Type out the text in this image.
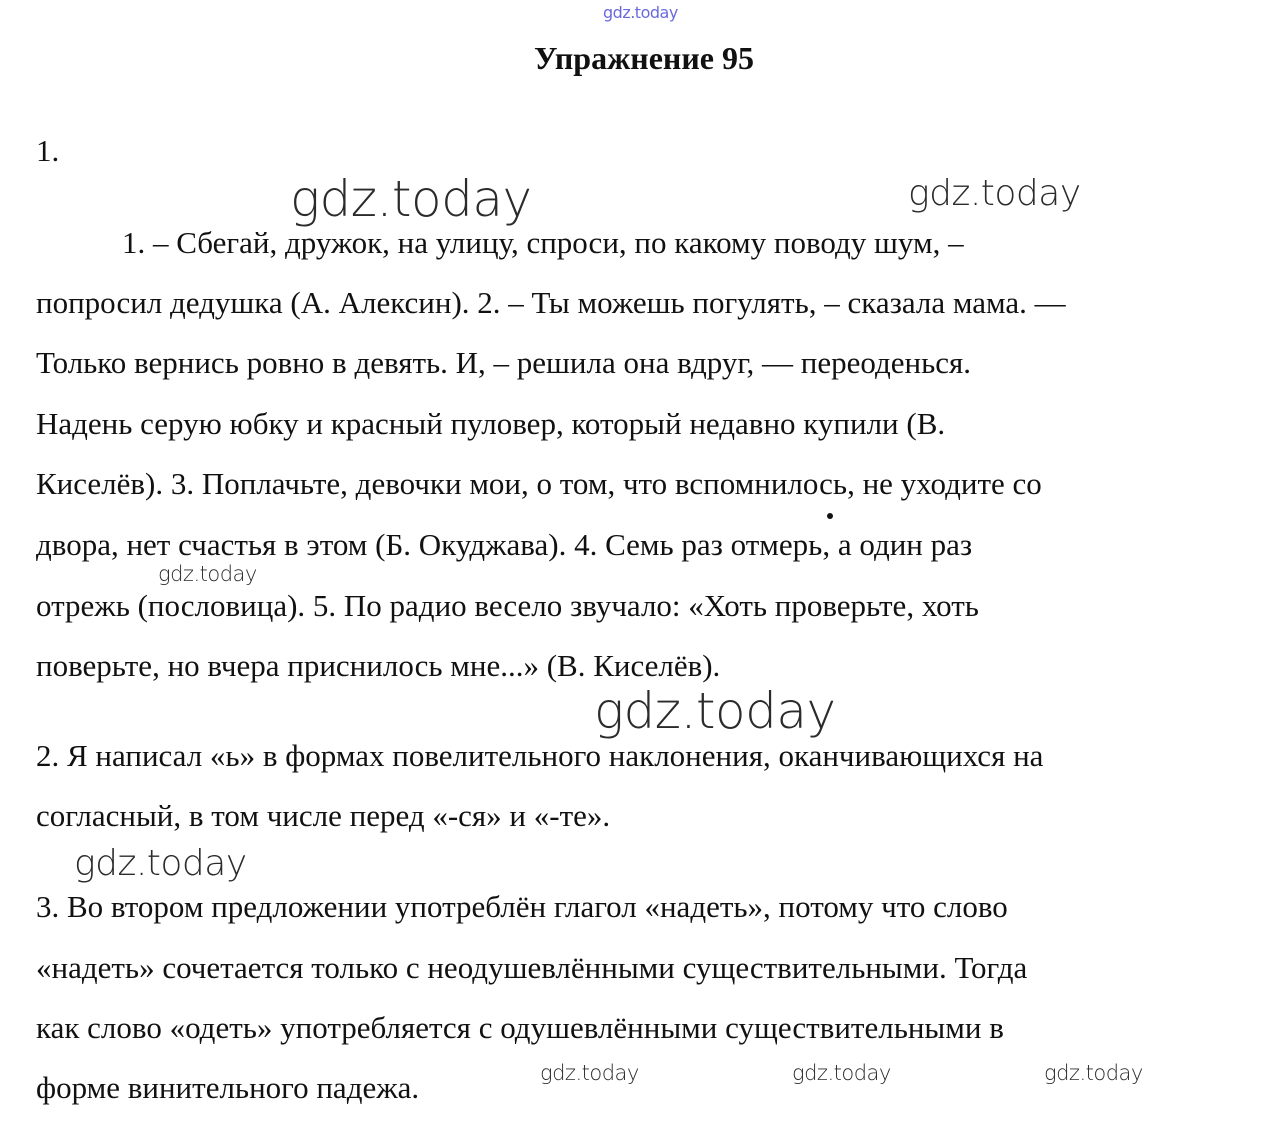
gdz.today
gdz.today	gdz.today
gdz.today
gdz.today
gdz.today
gdz.today	gdz.today	gdz.today
Упражнение 95
1.
1. – Сбегай, дружок, на улицу, спроси, по какому поводу шум, –
попросил дедушка (А. Алексин). 2. – Ты можешь погулять, – сказала мама. —
Только вернись ровно в девять. И, – решила она вдруг, — переоденься.
Надень серую юбку и красный пуловер, который недавно купили (В.
Киселёв). 3. Поплачьте, девочки мои, о том, что вспомнилось, не уходите со
двора, нет счастья в этом (Б. Окуджава). 4. Семь раз отмерь, а один раз
отрежь (пословица). 5. По радио весело звучало: «Хоть проверьте, хоть
поверьте, но вчера приснилось мне...» (В. Киселёв).
2. Я написал «ь» в формах повелительного наклонения, оканчивающихся на
согласный, в том числе перед «-ся» и «-те».
3. Во втором предложении употреблён глагол «надеть», потому что слово
«надеть» сочетается только с неодушевлёнными существительными. Тогда
как слово «одеть» употребляется с одушевлёнными существительными в
форме винительного падежа.
